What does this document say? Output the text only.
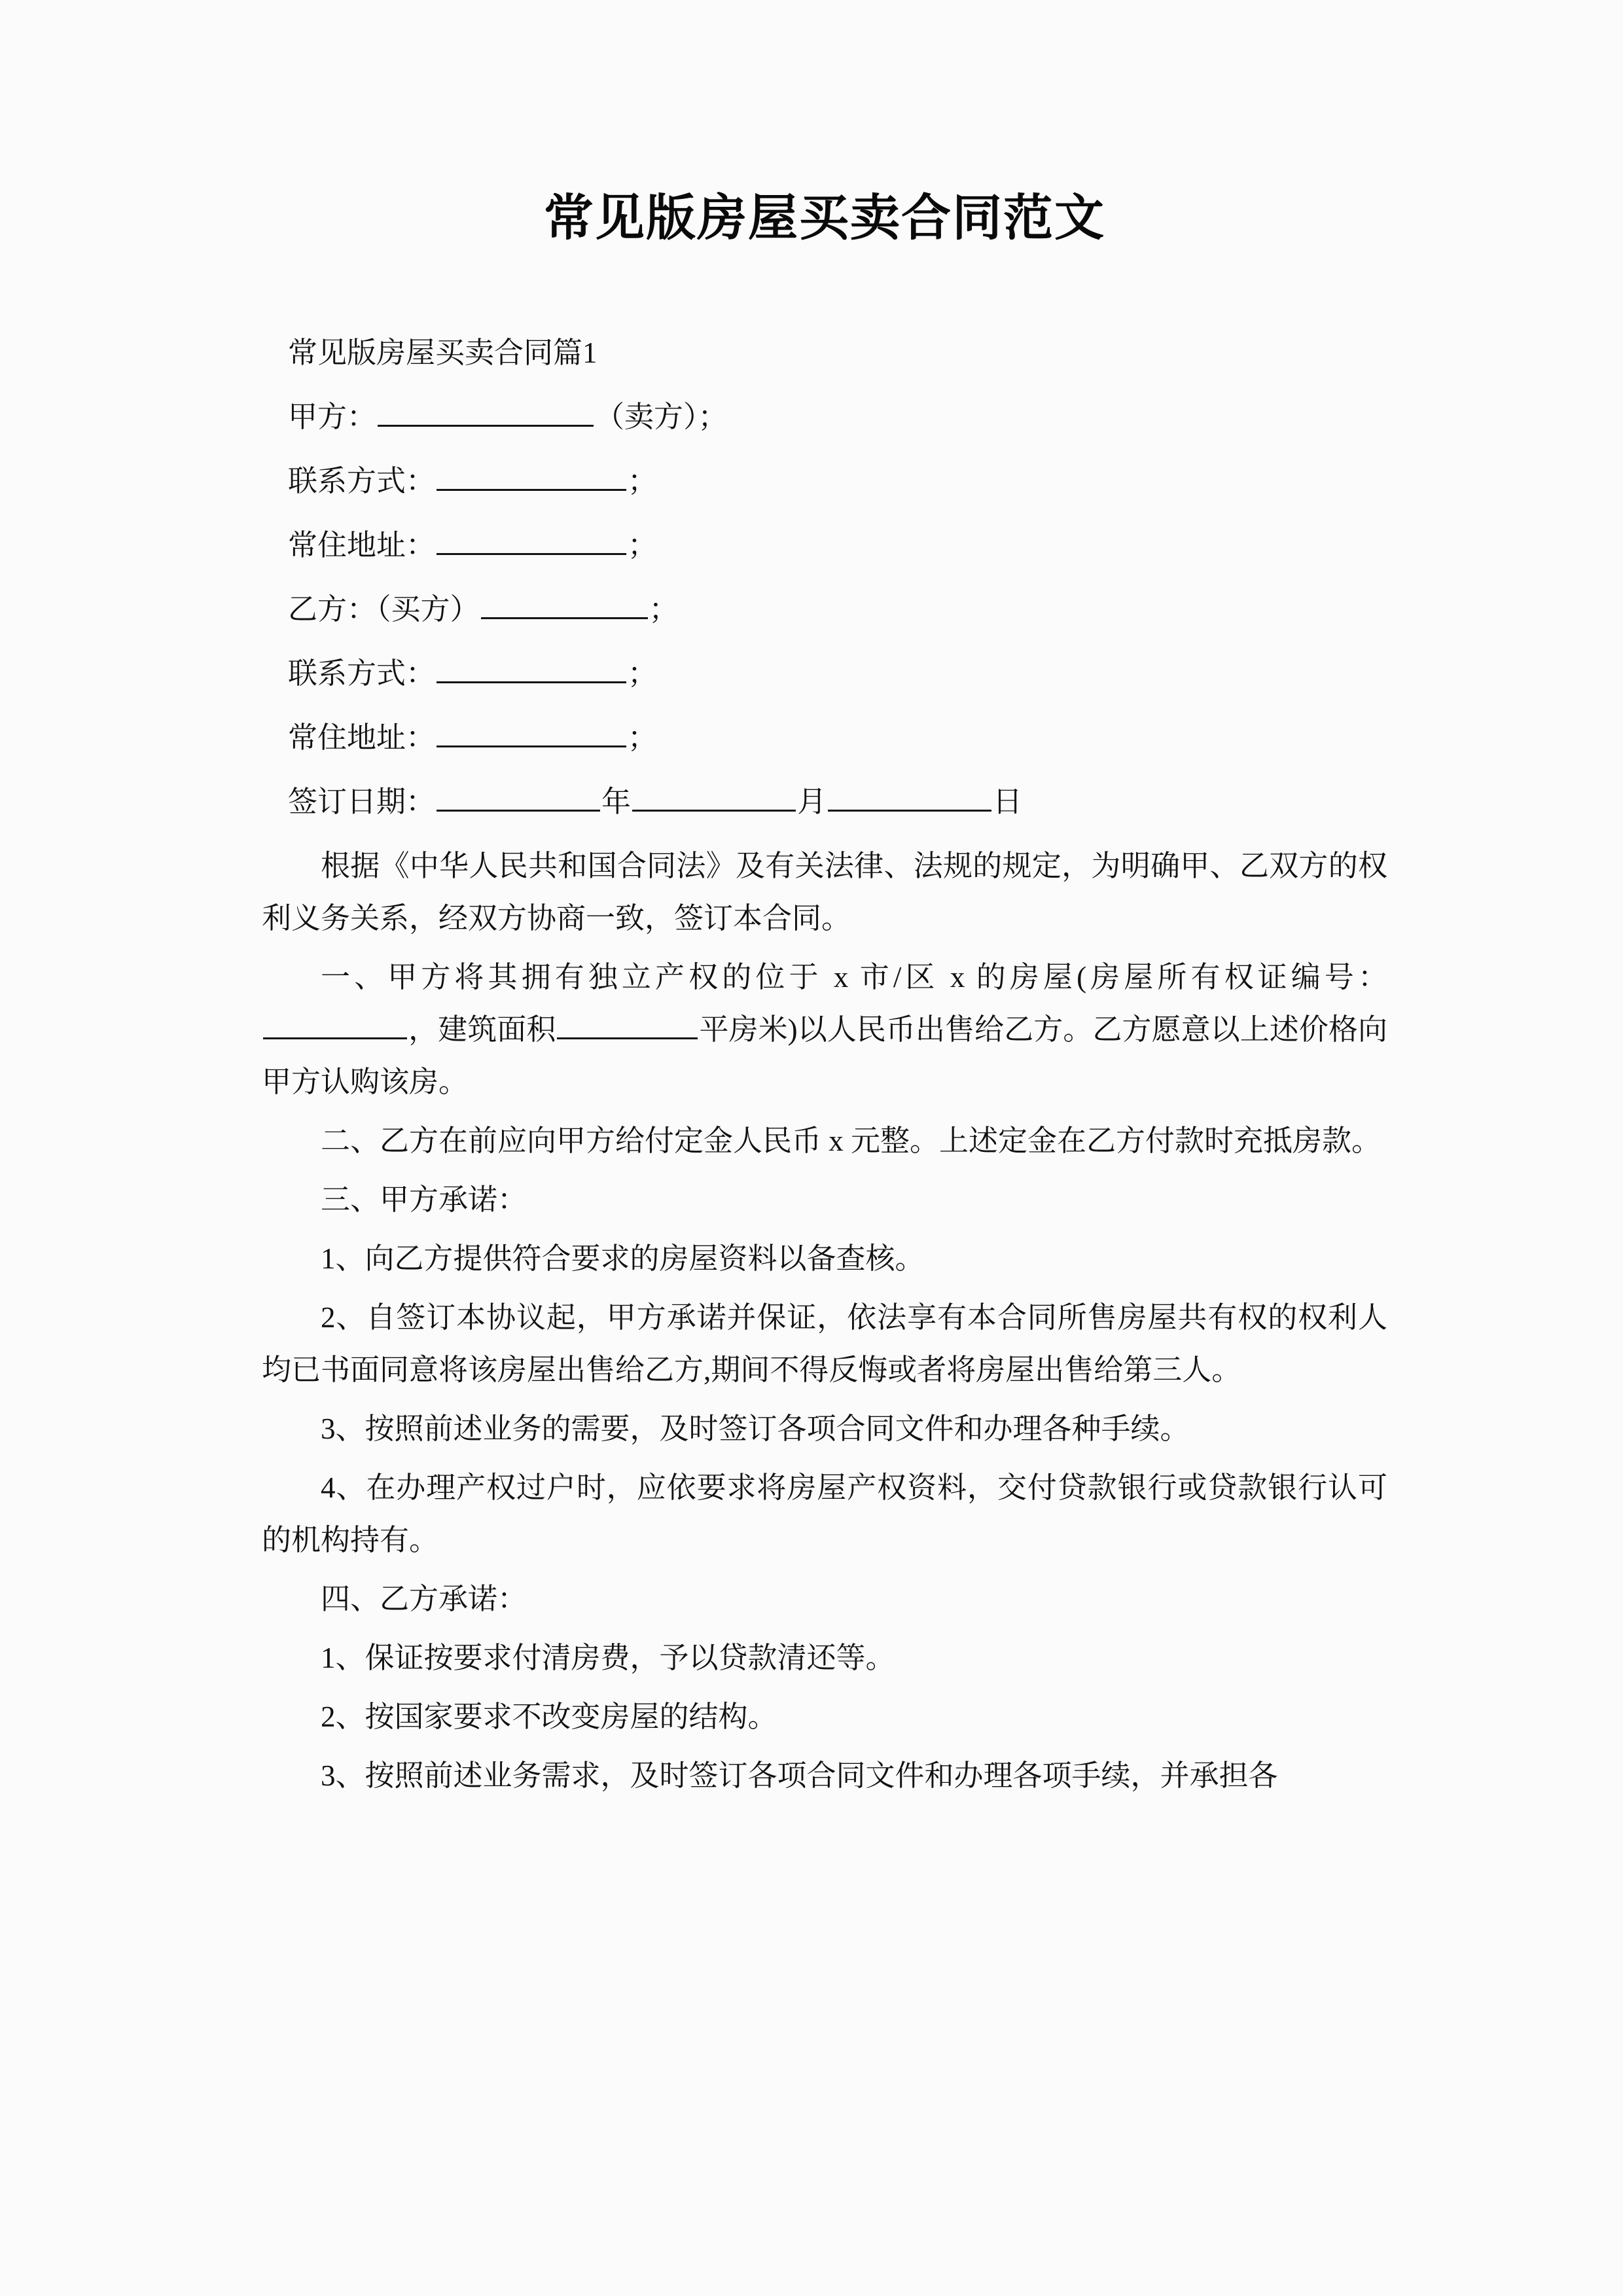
常见版房屋买卖合同范文

常见版房屋买卖合同篇1

甲方：	（卖方）；

联系方式：	；

常住地址：	；

乙方：（买方）	；

联系方式：	；

常住地址：	；

签订日期：	年	月	日

根据《中华人民共和国合同法》及有关法律、法规的规定，为明确甲、乙双方的权利义务关系，经双方协商一致，签订本合同。

一、甲方将其拥有独立产权的位于 x 市/区 x 的房屋(房屋所有权证编号：，建筑面积	平房米)以人民币出售给乙方。乙方愿意以上述价格向甲方认购该房。

二、乙方在前应向甲方给付定金人民币 x 元整。上述定金在乙方付款时充抵房款。

三、甲方承诺：

1、向乙方提供符合要求的房屋资料以备查核。

2、自签订本协议起，甲方承诺并保证，依法享有本合同所售房屋共有权的权利人均已书面同意将该房屋出售给乙方,期间不得反悔或者将房屋出售给第三人。

3、按照前述业务的需要，及时签订各项合同文件和办理各种手续。

4、在办理产权过户时，应依要求将房屋产权资料，交付贷款银行或贷款银行认可的机构持有。

四、乙方承诺：

1、保证按要求付清房费，予以贷款清还等。

2、按国家要求不改变房屋的结构。

3、按照前述业务需求，及时签订各项合同文件和办理各项手续，并承担各
